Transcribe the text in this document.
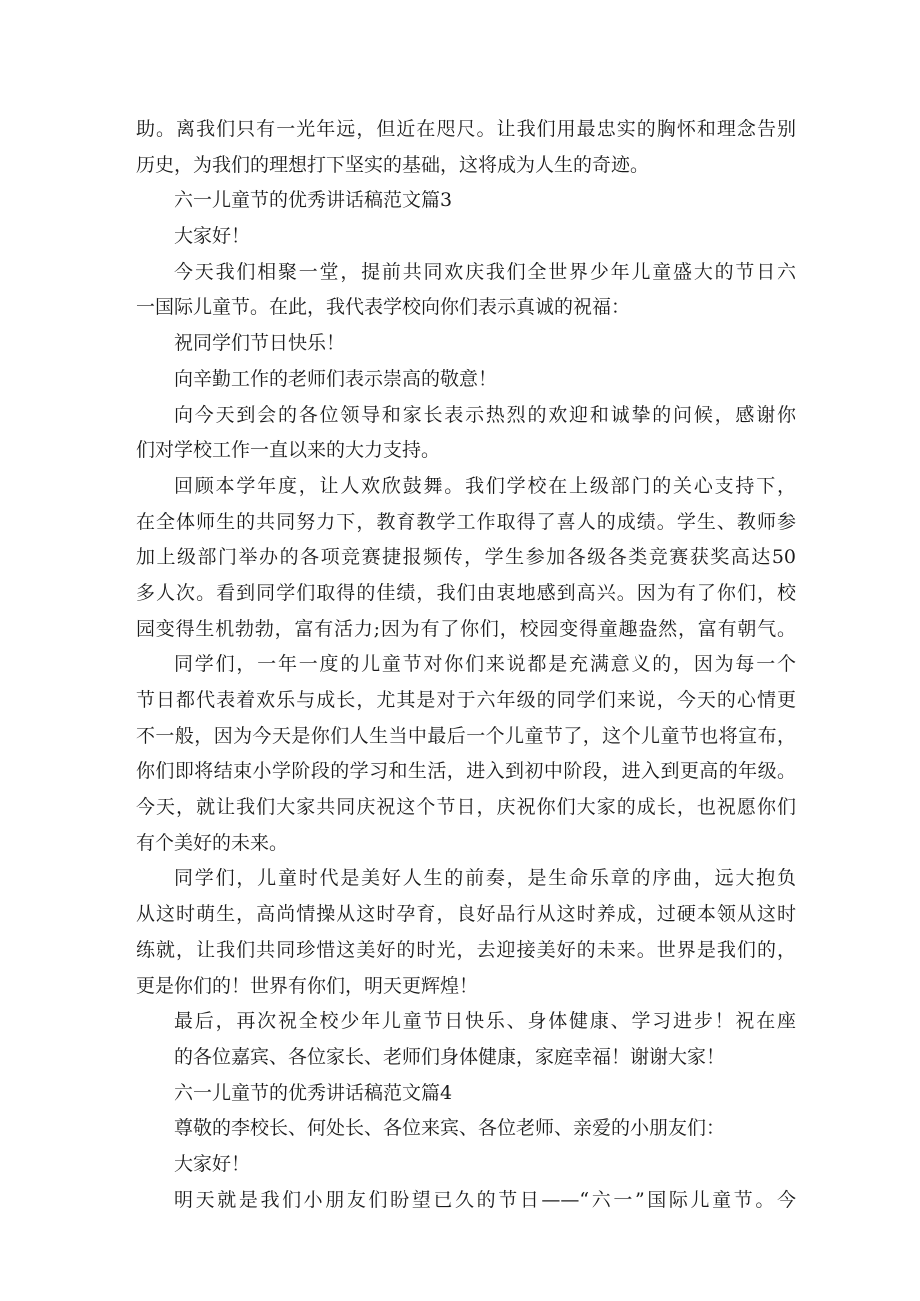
助。离我们只有一光年远，但近在咫尺。让我们用最忠实的胸怀和理念告别
历史，为我们的理想打下坚实的基础，这将成为人生的奇迹。
六一儿童节的优秀讲话稿范文篇3
大家好！
今天我们相聚一堂，提前共同欢庆我们全世界少年儿童盛大的节日六
一国际儿童节。在此，我代表学校向你们表示真诚的祝福：
祝同学们节日快乐！
向辛勤工作的老师们表示崇高的敬意！
向今天到会的各位领导和家长表示热烈的欢迎和诚挚的问候，感谢你
们对学校工作一直以来的大力支持。
回顾本学年度，让人欢欣鼓舞。我们学校在上级部门的关心支持下，
在全体师生的共同努力下，教育教学工作取得了喜人的成绩。学生、教师参
加上级部门举办的各项竞赛捷报频传，学生参加各级各类竞赛获奖高达50
多人次。看到同学们取得的佳绩，我们由衷地感到高兴。因为有了你们，校
园变得生机勃勃，富有活力;因为有了你们，校园变得童趣盎然，富有朝气。
同学们，一年一度的儿童节对你们来说都是充满意义的，因为每一个
节日都代表着欢乐与成长，尤其是对于六年级的同学们来说，今天的心情更
不一般，因为今天是你们人生当中最后一个儿童节了，这个儿童节也将宣布，
你们即将结束小学阶段的学习和生活，进入到初中阶段，进入到更高的年级。
今天，就让我们大家共同庆祝这个节日，庆祝你们大家的成长，也祝愿你们
有个美好的未来。
同学们，儿童时代是美好人生的前奏，是生命乐章的序曲，远大抱负
从这时萌生，高尚情操从这时孕育，良好品行从这时养成，过硬本领从这时
练就，让我们共同珍惜这美好的时光，去迎接美好的未来。世界是我们的，
更是你们的！世界有你们，明天更辉煌！
最后，再次祝全校少年儿童节日快乐、身体健康、学习进步！祝在座
的各位嘉宾、各位家长、老师们身体健康，家庭幸福！谢谢大家！
六一儿童节的优秀讲话稿范文篇4
尊敬的李校长、何处长、各位来宾、各位老师、亲爱的小朋友们：
大家好！
明天就是我们小朋友们盼望已久的节日——“六一”国际儿童节。今
